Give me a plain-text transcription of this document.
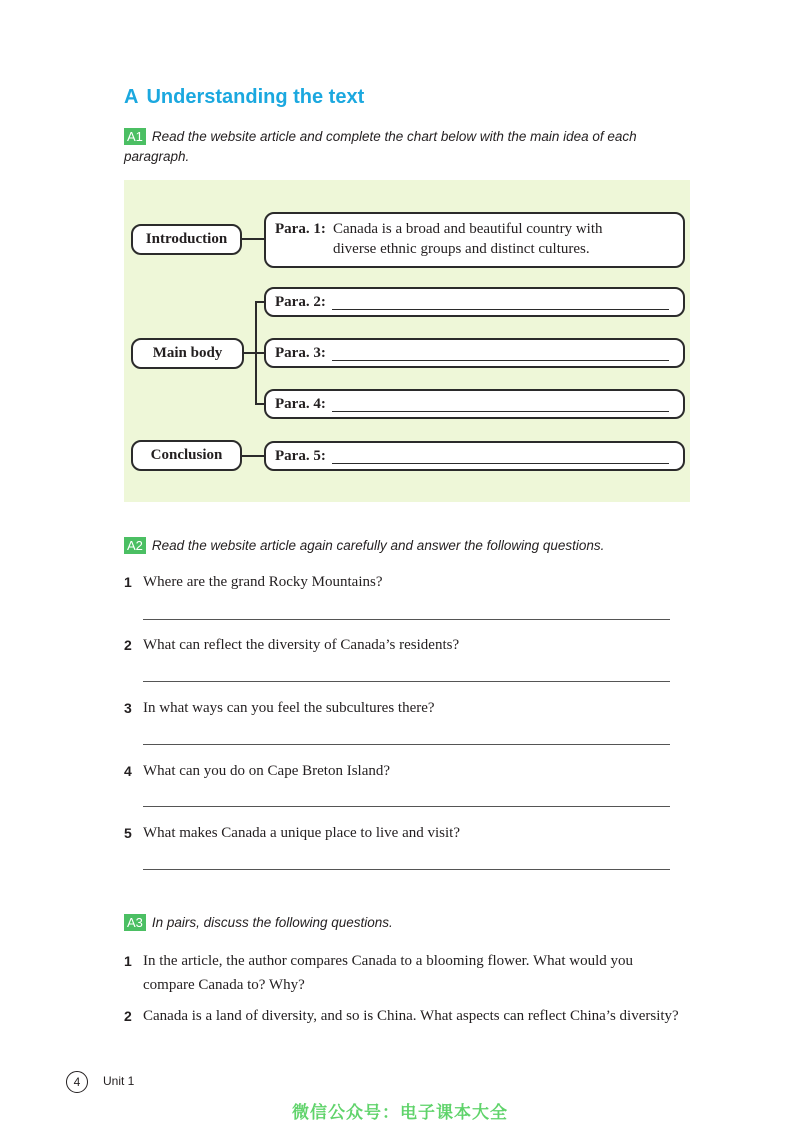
A Understanding the text
A1 Read the website article and complete the chart below with the main idea of each paragraph.
Introduction
Main body
Conclusion
Para. 1: Canada is a broad and beautiful country with
diverse ethnic groups and distinct cultures.
Para. 2:
Para. 3:
Para. 4:
Para. 5:
A2 Read the website article again carefully and answer the following questions.
1 Where are the grand Rocky Mountains?
2 What can reflect the diversity of Canada’s residents?
3 In what ways can you feel the subcultures there?
4 What can you do on Cape Breton Island?
5 What makes Canada a unique place to live and visit?
A3 In pairs, discuss the following questions.
1 In the article, the author compares Canada to a blooming flower. What would you compare Canada to? Why?
2 Canada is a land of diversity, and so is China. What aspects can reflect China’s diversity?
4	Unit 1
微信公众号：电子课本大全
